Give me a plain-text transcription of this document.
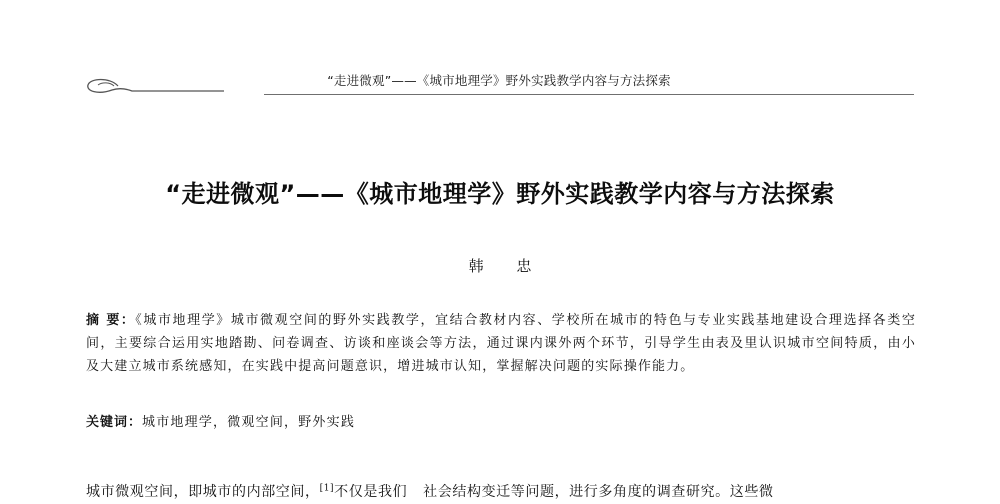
“走进微观”——《城市地理学》野外实践教学内容与方法探索
“走进微观”——《城市地理学》野外实践教学内容与方法探索
韩 忠

摘 要：《城市地理学》城市微观空间的野外实践教学，宜结合教材内容、学校所在城市的特色与专业实践基地建设合理选择各类空间，主要综合运用实地踏勘、问卷调查、访谈和座谈会等方法，通过课内课外两个环节，引导学生由表及里认识城市空间特质，由小及大建立城市系统感知，在实践中提高问题意识，增进城市认知，掌握解决问题的实际操作能力。

关键词：城市地理学，微观空间，野外实践

城市微观空间，即城市的内部空间，[1]不仅是我们 社会结构变迁等问题，进行多角度的调查研究。这些微
